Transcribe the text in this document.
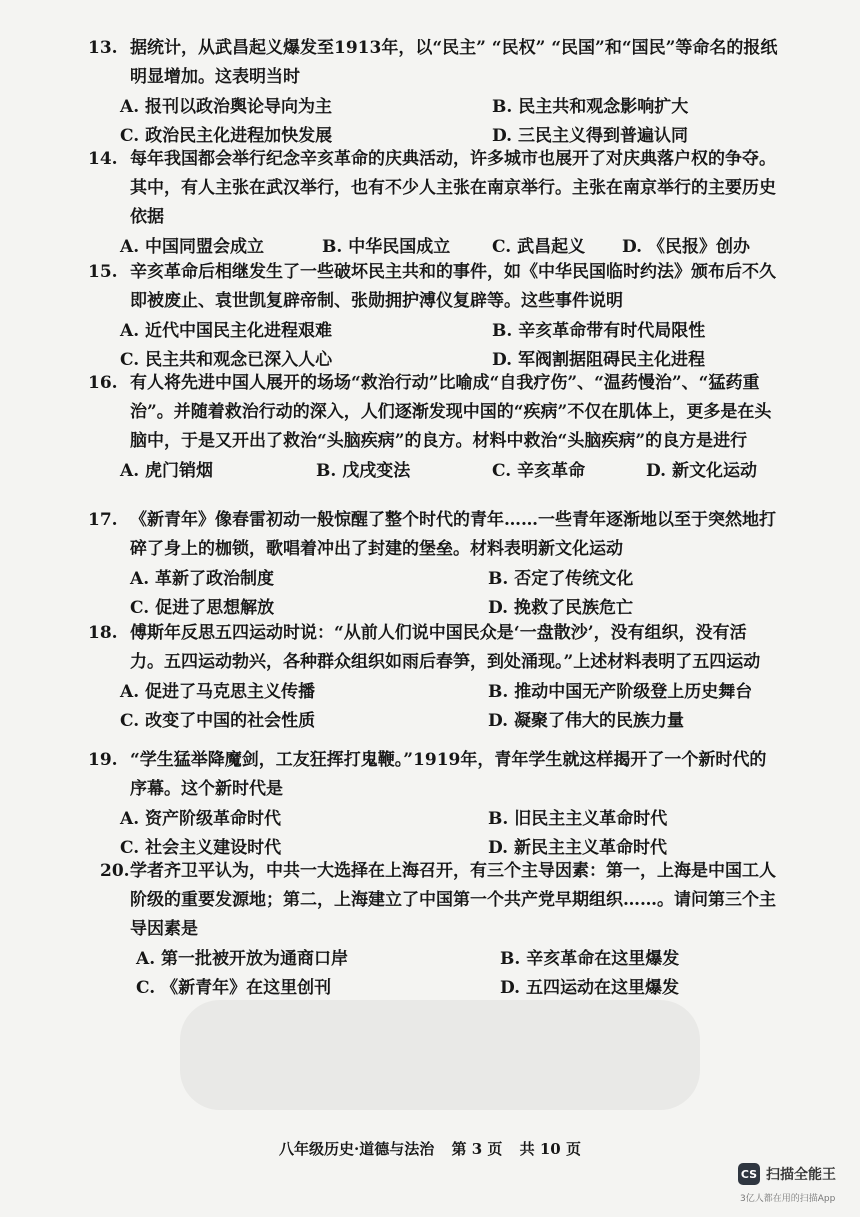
13. 据统计，从武昌起义爆发至1913年，以“民主” “民权” “民国”和“国民”等命名的报纸明显增加。这表明当时
A. 报刊以政治舆论导向为主	B. 民主共和观念影响扩大
C. 政治民主化进程加快发展	D. 三民主义得到普遍认同
14. 每年我国都会举行纪念辛亥革命的庆典活动，许多城市也展开了对庆典落户权的争夺。其中，有人主张在武汉举行，也有不少人主张在南京举行。主张在南京举行的主要历史依据
A. 中国同盟会成立	B. 中华民国成立 C. 武昌起义 D. 《民报》创办
15. 辛亥革命后相继发生了一些破坏民主共和的事件，如《中华民国临时约法》颁布后不久即被废止、袁世凯复辟帝制、张勋拥护溥仪复辟等。这些事件说明
A. 近代中国民主化进程艰难	B. 辛亥革命带有时代局限性
C. 民主共和观念已深入人心	D. 军阀割据阻碍民主化进程
16. 有人将先进中国人展开的场场“救治行动”比喻成“自我疗伤”、“温药慢治”、“猛药重治”。并随着救治行动的深入，人们逐渐发现中国的“疾病”不仅在肌体上，更多是在头脑中，于是又开出了救治“头脑疾病”的良方。材料中救治“头脑疾病”的良方是进行
A. 虎门销烟	B. 戊戌变法	C. 辛亥革命	D. 新文化运动
17. 《新青年》像春雷初动一般惊醒了整个时代的青年……一些青年逐渐地以至于突然地打碎了身上的枷锁，歌唱着冲出了封建的堡垒。材料表明新文化运动
A. 革新了政治制度	B. 否定了传统文化
C. 促进了思想解放	D. 挽救了民族危亡
18. 傅斯年反思五四运动时说：“从前人们说中国民众是‘一盘散沙’，没有组织，没有活力。五四运动勃兴，各种群众组织如雨后春笋，到处涌现。”上述材料表明了五四运动
A. 促进了马克思主义传播	B. 推动中国无产阶级登上历史舞台
C. 改变了中国的社会性质	D. 凝聚了伟大的民族力量
19. “学生猛举降魔剑，工友狂挥打鬼鞭。”1919年，青年学生就这样揭开了一个新时代的序幕。这个新时代是
A. 资产阶级革命时代	B. 旧民主主义革命时代
C. 社会主义建设时代	D. 新民主主义革命时代
20. 学者齐卫平认为，中共一大选择在上海召开，有三个主导因素：第一，上海是中国工人阶级的重要发源地；第二，上海建立了中国第一个共产党早期组织……。请问第三个主导因素是
A. 第一批被开放为通商口岸	B. 辛亥革命在这里爆发
C. 《新青年》在这里创刊	D. 五四运动在这里爆发
八年级历史·道德与法治 第 3 页 共 10 页
CS 扫描全能王
3亿人都在用的扫描App
